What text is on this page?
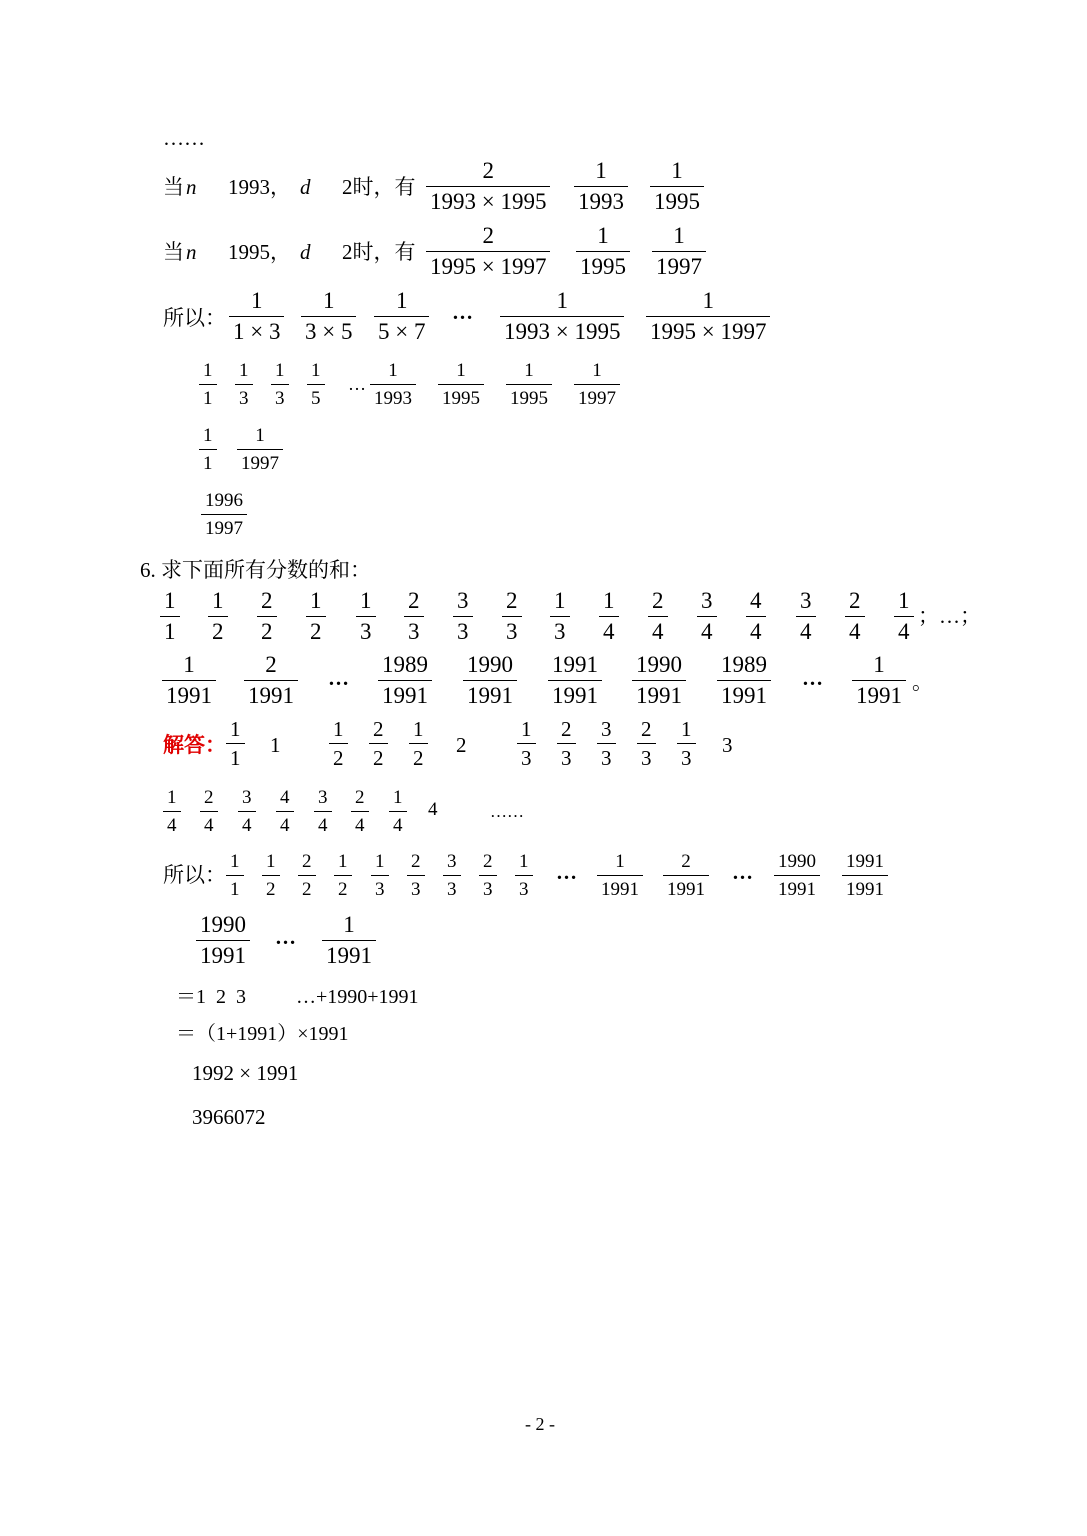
……
当 n 1993， d 2时，有
2
1993 × 1995
1
1993
1
1995
当 n 1995， d 2时，有
2
1995 × 1997
1
1995
1
1997
所以：
1
1 × 3
1
3 × 5
1
5 × 7
…	1
1993 × 1995
1
1995 × 1997
1
1
1
3
1
3
1
5
…
1
1993
1
1995
1
1995
1
1997
1
1
1
1997
1996
1997
6. 求下面所有分数的和：
1
1
1
2
2
2
1
2
1
3
2
3
3
3
2
3
1
3
1
4
2
4
3
4
4
4
3
4
2
4
1
4
；…；
1
1991
2
1991
…
1989
1991
1990
1991
1991
1991
1990
1991
1989
1991
…
1
1991
。
解答：
1
1
1
1
2
2
2
1
2
2
1
3
2
3
3
3
2
3
1
3
3
1
4
2
4
3
4
4
4
3
4
2
4
1
4
4	……
所以：
1
1
1
2
2
2
1
2
1
3
2
3
3
3
2
3
1
3
… 1
1991
2
1991
… 1990
1991
1991
1991
1990
1991
… 1
1991
＝1  2  3 …+1990+1991
＝（1+1991）×1991
1992 × 1991
3966072
- 2 -
